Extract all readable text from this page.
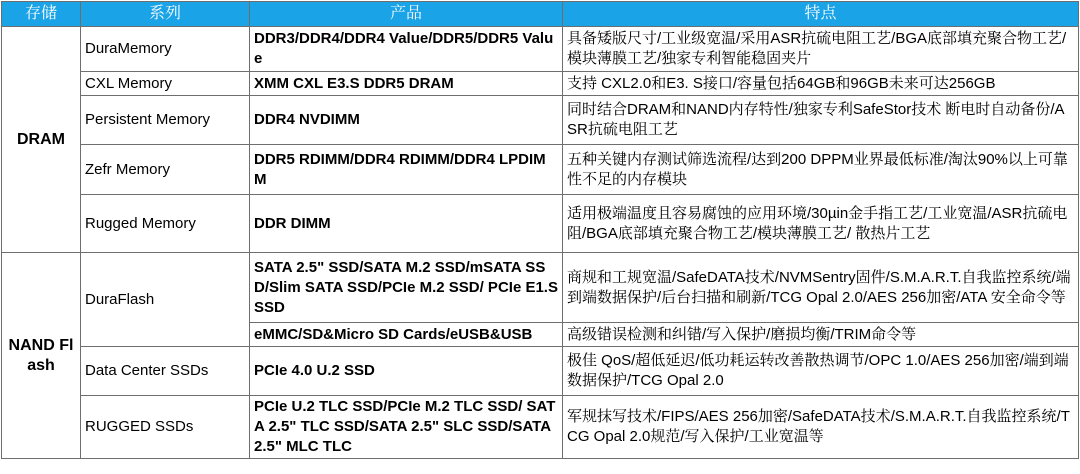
存储	系列	产品	特点
DRAM	DuraMemory	DDR3/DDR4/DDR4 Value/DDR5/DDR5 Value	具备矮版尺寸/工业级宽温/采用ASR抗硫电阻工艺/BGA底部填充聚合物工艺/模块薄膜工艺/独家专利智能稳固夹片
	CXL Memory	XMM CXL E3.S DDR5 DRAM	支持 CXL2.0和E3. S接口/容量包括64GB和96GB未来可达256GB
	Persistent Memory	DDR4 NVDIMM	同时结合DRAM和NAND内存特性/独家专利SafeStor技术 断电时自动备份/ASR抗硫电阻工艺
	Zefr Memory	DDR5 RDIMM/DDR4 RDIMM/DDR4 LPDIMM	五种关键内存测试筛选流程/达到200 DPPM业界最低标准/淘汰90%以上可靠性不足的内存模块
	Rugged Memory	DDR DIMM	适用极端温度且容易腐蚀的应用环境/30µin金手指工艺/工业宽温/ASR抗硫电阻/BGA底部填充聚合物工艺/模块薄膜工艺/ 散热片工艺
NAND Flash	DuraFlash	SATA 2.5" SSD/SATA M.2 SSD/mSATA SSD/Slim SATA SSD/PCIe M.2 SSD/ PCIe E1.S SSD	商规和工规宽温/SafeDATA技术/NVMSentry固件/S.M.A.R.T.自我监控系统/端到端数据保护/后台扫描和刷新/TCG Opal 2.0/AES 256加密/ATA 安全命令等
		eMMC/SD&Micro SD Cards/eUSB&USB	高级错误检测和纠错/写入保护/磨损均衡/TRIM命令等
	Data Center SSDs	PCIe 4.0 U.2 SSD	极佳 QoS/超低延迟/低功耗运转改善散热调节/OPC 1.0/AES 256加密/端到端数据保护/TCG Opal 2.0
	RUGGED SSDs	PCIe U.2 TLC SSD/PCIe M.2 TLC SSD/ SATA 2.5" TLC SSD/SATA 2.5" SLC SSD/SATA 2.5" MLC TLC	军规抹写技术/FIPS/AES 256加密/SafeDATA技术/S.M.A.R.T.自我监控系统/TCG Opal 2.0规范/写入保护/工业宽温等
